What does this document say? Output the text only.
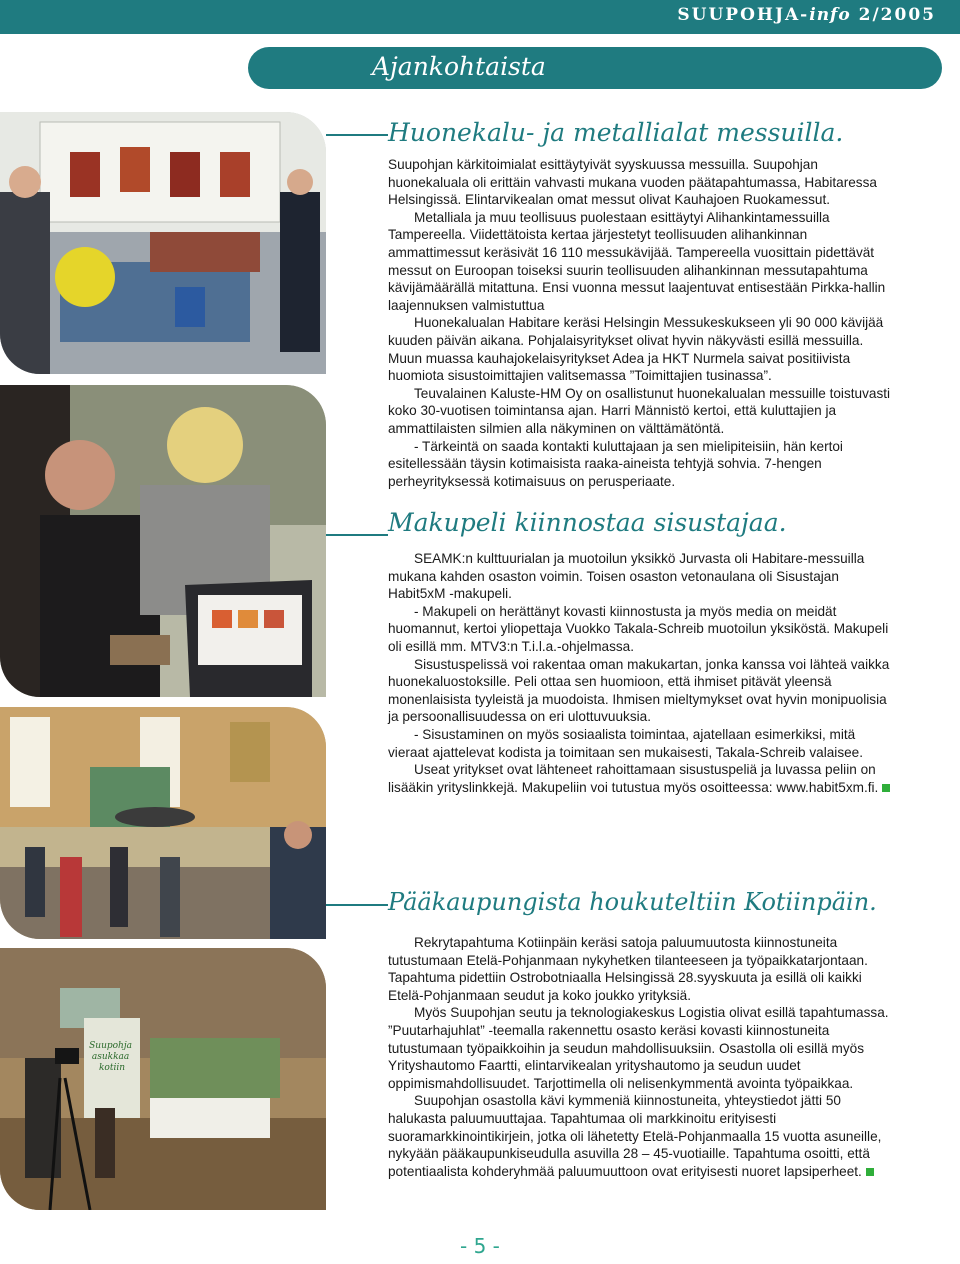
SUUPOHJA-info 2/2005
Ajankohtaista
Suupohja asukkaa kotiin
Huonekalu- ja metallialat messuilla.

Suupohjan kärkitoimialat esittäytyivät syyskuussa messuilla. Suupohjan huonekaluala oli erittäin vahvasti mukana vuoden päätapahtumassa, Habitaressa Helsingissä. Elintarvikealan omat messut olivat Kauhajoen Ruokamessut.

Metalliala ja muu teollisuus puolestaan esittäytyi Alihankintamessuilla Tampereella. Viidettätoista kertaa järjestetyt teollisuuden alihankinnan ammattimessut keräsivät 16 110 messukävijää. Tampereella vuosittain pidettävät messut on Euroopan toiseksi suurin teollisuuden alihankinnan messutapahtuma kävijämäärällä mitattuna. Ensi vuonna messut laajentuvat entisestään Pirkka-hallin laajennuksen valmistuttua

Huonekalualan Habitare keräsi Helsingin Messukeskukseen yli 90 000 kävijää kuuden päivän aikana. Pohjalaisyritykset olivat hyvin näkyvästi esillä messuilla. Muun muassa kauhajokelaisyritykset Adea ja HKT Nurmela saivat positiivista huomiota sisustoimittajien valitsemassa ”Toimittajien tusinassa”.

Teuvalainen Kaluste-HM Oy on osallistunut huonekalualan messuille toistuvasti koko 30-vuotisen toimintansa ajan. Harri Männistö kertoi, että kuluttajien ja ammattilaisten silmien alla näkyminen on välttämätöntä.

- Tärkeintä on saada kontakti kuluttajaan ja sen mielipiteisiin, hän kertoi esitellessään täysin kotimaisista raaka-aineista tehtyjä sohvia. 7-hengen perheyrityksessä kotimaisuus on perusperiaate.

Makupeli kiinnostaa sisustajaa.

SEAMK:n kulttuurialan ja muotoilun yksikkö Jurvasta oli Habitare-messuilla mukana kahden osaston voimin. Toisen osaston vetonaulana oli Sisustajan Habit5xM -makupeli.

- Makupeli on herättänyt kovasti kiinnostusta ja myös media on meidät huomannut, kertoi yliopettaja Vuokko Takala-Schreib muotoilun yksiköstä. Makupeli oli esillä mm. MTV3:n T.i.l.a.-ohjelmassa.

Sisustuspelissä voi rakentaa oman makukartan, jonka kanssa voi lähteä vaikka huonekaluostoksille. Peli ottaa sen huomioon, että ihmiset pitävät yleensä monenlaisista tyyleistä ja muodoista. Ihmisen mieltymykset ovat hyvin monipuolisia ja persoonallisuudessa on eri ulottuvuuksia.

- Sisustaminen on myös sosiaalista toimintaa, ajatellaan esimerkiksi, mitä vieraat ajattelevat kodista ja toimitaan sen mukaisesti, Takala-Schreib valaisee.

Useat yritykset ovat lähteneet rahoittamaan sisustuspeliä ja luvassa peliin on lisääkin yrityslinkkejä. Makupeliin voi tutustua myös osoitteessa: www.habit5xm.fi.

Pääkaupungista houkuteltiin Kotiinpäin.

Rekrytapahtuma Kotiinpäin keräsi satoja paluumuutosta kiinnostuneita tutustumaan Etelä-Pohjanmaan nykyhetken tilanteeseen ja työpaikkatarjontaan. Tapahtuma pidettiin Ostrobotniaalla Helsingissä 28.syyskuuta ja esillä oli kaikki Etelä-Pohjanmaan seudut ja koko joukko yrityksiä.

Myös Suupohjan seutu ja teknologiakeskus Logistia olivat esillä tapahtumassa. ”Puutarhajuhlat” -teemalla rakennettu osasto keräsi kovasti kiinnostuneita tutustumaan työpaikkoihin ja seudun mahdollisuuksiin. Osastolla oli esillä myös Yrityshautomo Faartti, elintarvikealan yrityshautomo ja seudun uudet oppimismahdollisuudet. Tarjottimella oli nelisenkymmentä avointa työpaikkaa.

Suupohjan osastolla kävi kymmeniä kiinnostuneita, yhteystiedot jätti 50 halukasta paluumuuttajaa. Tapahtumaa oli markkinoitu erityisesti suoramarkkinointikirjein, jotka oli lähetetty Etelä-Pohjanmaalla 15 vuotta asuneille, nykyään pääkaupunkiseudulla asuvilla 28 – 45-vuotiaille. Tapahtuma osoitti, että potentiaalista kohderyhmää paluumuuttoon ovat erityisesti nuoret lapsiperheet.

- 5 -
